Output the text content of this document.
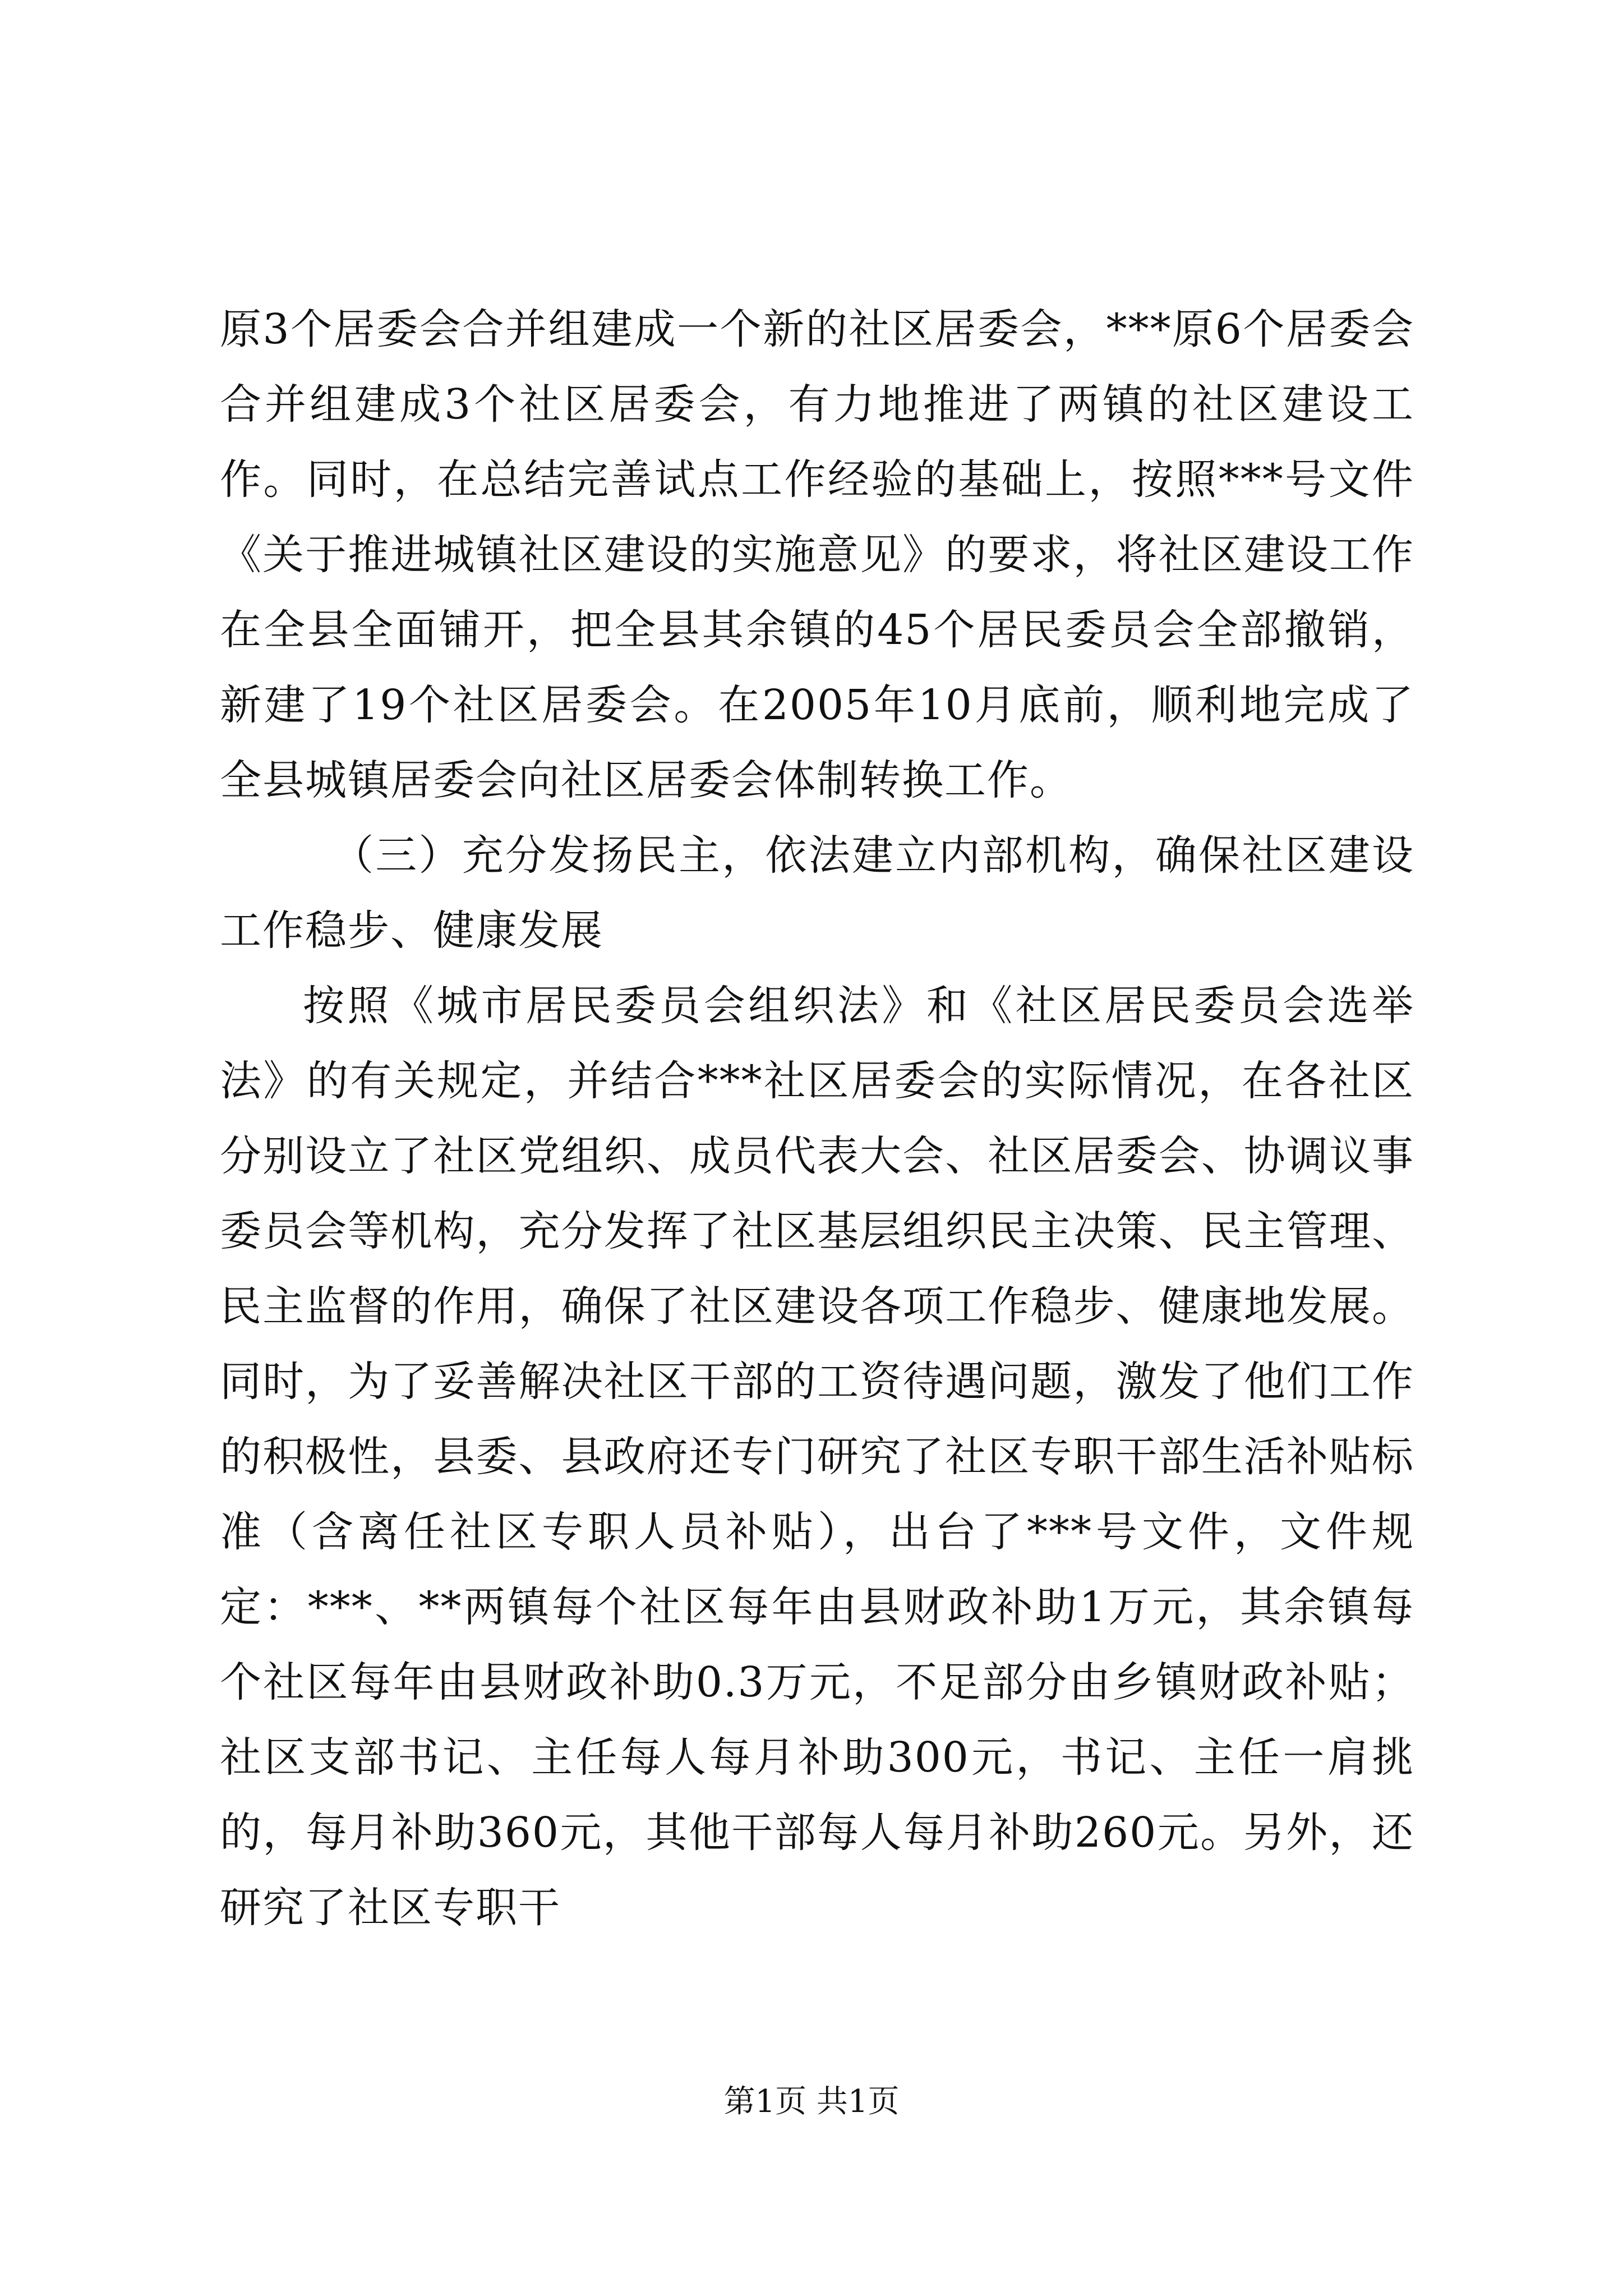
原3个居委会合并组建成一个新的社区居委会，***原6个居委会合并组建成3个社区居委会，有力地推进了两镇的社区建设工作。同时，在总结完善试点工作经验的基础上，按照***号文件《关于推进城镇社区建设的实施意见》的要求，将社区建设工作在全县全面铺开，把全县其余镇的45个居民委员会全部撤销，新建了19个社区居委会。在2005年10月底前，顺利地完成了全县城镇居委会向社区居委会体制转换工作。

（三）充分发扬民主，依法建立内部机构，确保社区建设工作稳步、健康发展

按照《城市居民委员会组织法》和《社区居民委员会选举法》的有关规定，并结合***社区居委会的实际情况，在各社区分别设立了社区党组织、成员代表大会、社区居委会、协调议事委员会等机构，充分发挥了社区基层组织民主决策、民主管理、民主监督的作用，确保了社区建设各项工作稳步、健康地发展。同时，为了妥善解决社区干部的工资待遇问题，激发了他们工作的积极性，县委、县政府还专门研究了社区专职干部生活补贴标准（含离任社区专职人员补贴），出台了***号文件，文件规定：***、**两镇每个社区每年由县财政补助1万元，其余镇每个社区每年由县财政补助0.3万元，不足部分由乡镇财政补贴；社区支部书记、主任每人每月补助300元，书记、主任一肩挑的，每月补助360元，其他干部每人每月补助260元。另外，还研究了社区专职干

第1页 共1页
